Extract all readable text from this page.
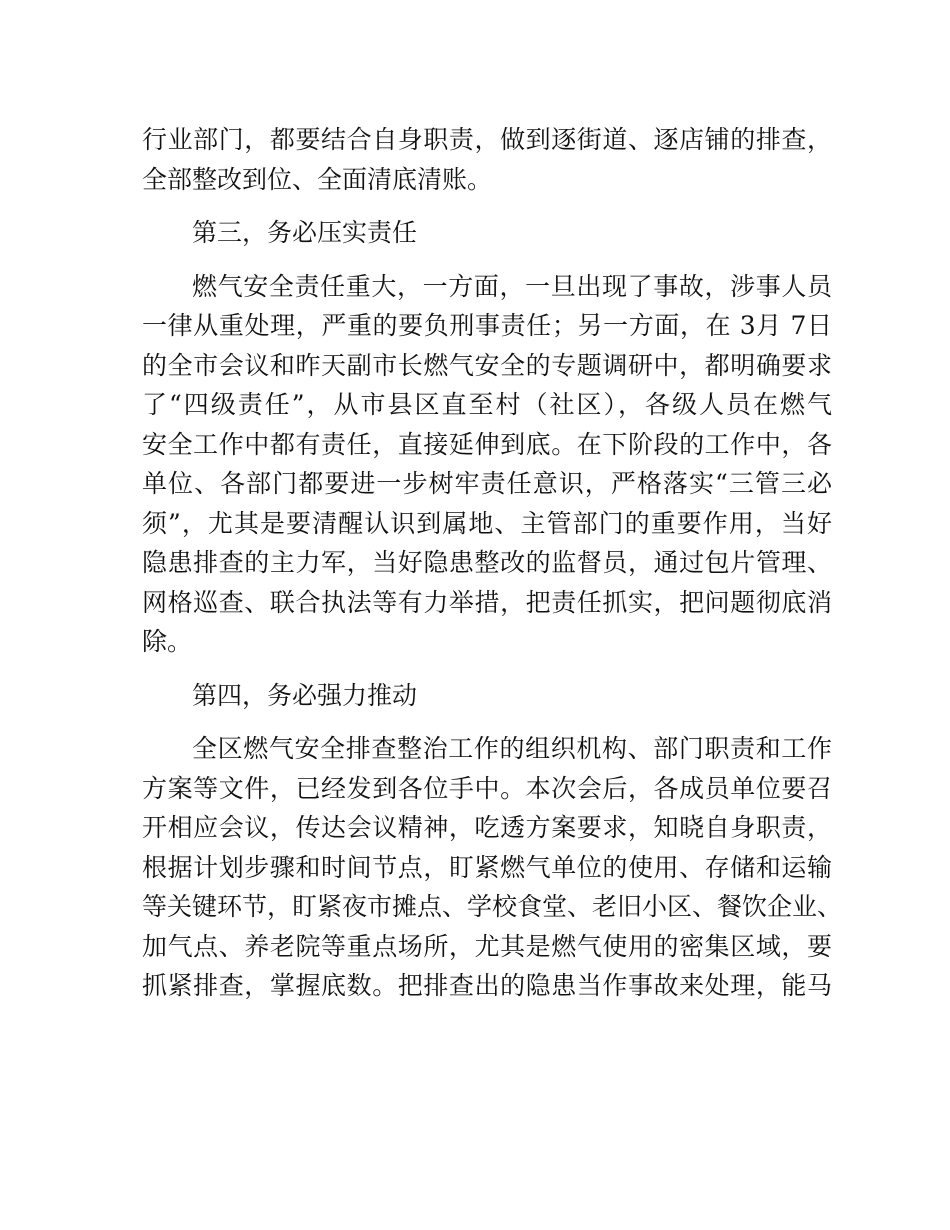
行业部门，都要结合自身职责，做到逐街道、逐店铺的排查，
全部整改到位、全面清底清账。
第三，务必压实责任
燃气安全责任重大，一方面，一旦出现了事故，涉事人员
一律从重处理，严重的要负刑事责任；另一方面，在 3月 7日
的全市会议和昨天副市长燃气安全的专题调研中，都明确要求
了“四级责任”，从市县区直至村（社区），各级人员在燃气
安全工作中都有责任，直接延伸到底。在下阶段的工作中，各
单位、各部门都要进一步树牢责任意识，严格落实“三管三必
须”，尤其是要清醒认识到属地、主管部门的重要作用，当好
隐患排查的主力军，当好隐患整改的监督员，通过包片管理、
网格巡查、联合执法等有力举措，把责任抓实，把问题彻底消
除。
第四，务必强力推动
全区燃气安全排查整治工作的组织机构、部门职责和工作
方案等文件，已经发到各位手中。本次会后，各成员单位要召
开相应会议，传达会议精神，吃透方案要求，知晓自身职责，
根据计划步骤和时间节点，盯紧燃气单位的使用、存储和运输
等关键环节，盯紧夜市摊点、学校食堂、老旧小区、餐饮企业、
加气点、养老院等重点场所，尤其是燃气使用的密集区域，要
抓紧排查，掌握底数。把排查出的隐患当作事故来处理，能马
